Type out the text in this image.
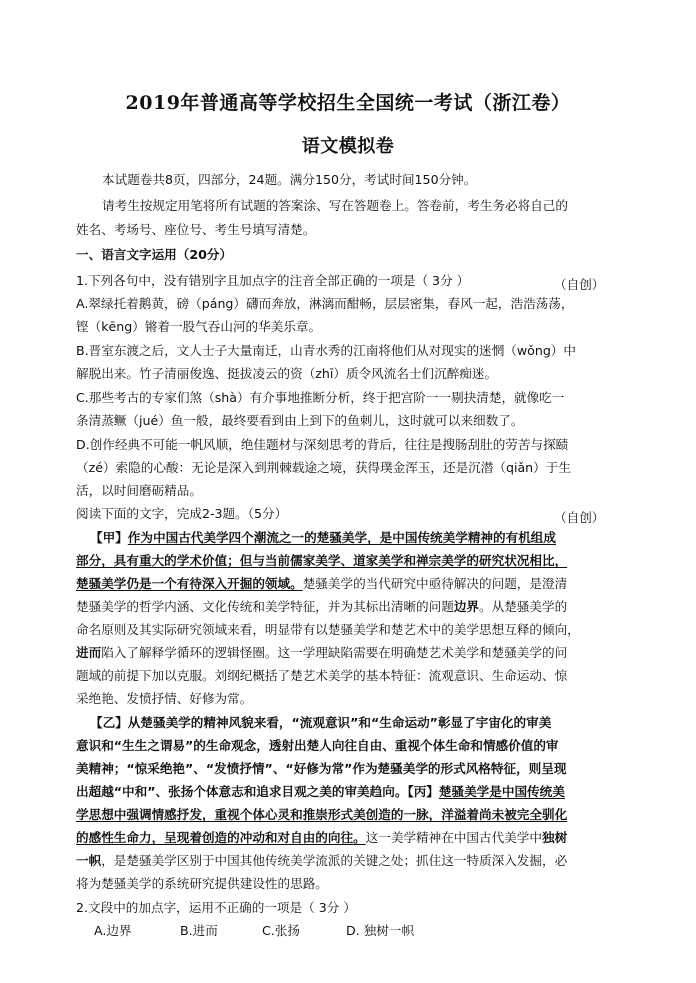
2019年普通高等学校招生全国统一考试（浙江卷）
语文模拟卷
本试题卷共8页，四部分，24题。满分150分，考试时间150分钟。
请考生按规定用笔将所有试题的答案涂、写在答题卷上。答卷前，考生务必将自己的
姓名、考场号、座位号、考生号填写清楚。
一、语言文字运用（20分）
1.下列各句中，没有错别字且加点字的注音全部正确的一项是（ 3分 ）	（自创）
A.翠绿托着鹅黄，磅（páng）礴而奔放，淋漓而酣畅，层层密集，春风一起，浩浩荡荡，
铿（kēng）锵着一股气吞山河的华美乐章。
B.晋室东渡之后，文人士子大量南迁，山青水秀的江南将他们从对现实的迷惘（wǒng）中
解脱出来。竹子清丽俊逸、挺拔凌云的资（zhī）质令风流名士们沉醉痴迷。
C.那些考古的专家们煞（shà）有介事地推断分析，终于把宫阶一一剔抉清楚，就像吃一
条清蒸鳜（jué）鱼一般，最终要看到由上到下的鱼刺儿，这时就可以来细数了。
D.创作经典不可能一帆风顺，绝佳题材与深刻思考的背后，往往是搜肠刮肚的劳苦与探赜
（zé）索隐的心酸：无论是深入到荆棘载途之境，获得璞金浑玉，还是沉潜（qiǎn）于生
活，以时间磨砺精品。
阅读下面的文字，完成2-3题。（5分）	（自创）
【甲】作为中国古代美学四个潮流之一的楚骚美学，是中国传统美学精神的有机组成
部分，具有重大的学术价值；但与当前儒家美学、道家美学和禅宗美学的研究状况相比，
楚骚美学仍是一个有待深入开掘的领域。楚骚美学的当代研究中亟待解决的问题，是澄清
楚骚美学的哲学内涵、文化传统和美学特征，并为其标出清晰的问题边界。从楚骚美学的
命名原则及其实际研究领域来看，明显带有以楚骚美学和楚艺术中的美学思想互释的倾向，
进而陷入了解释学循环的逻辑怪圈。这一学理缺陷需要在明确楚艺术美学和楚骚美学的问
题域的前提下加以克服。刘纲纪概括了楚艺术美学的基本特征：流观意识、生命运动、惊
采绝艳、发愤抒情、好修为常。
【乙】从楚骚美学的精神风貌来看，“流观意识”和“生命运动”彰显了宇宙化的审美
意识和“生生之谓易”的生命观念，透射出楚人向往自由、重视个体生命和情感价值的审
美精神；“惊采绝艳”、“发愤抒情”、“好修为常”作为楚骚美学的形式风格特征，则呈现
出超越“中和”、张扬个体意志和追求目观之美的审美趋向。【丙】楚骚美学是中国传统美
学思想中强调情感抒发，重视个体心灵和推崇形式美创造的一脉，洋溢着尚未被完全驯化
的感性生命力，呈现着创造的冲动和对自由的向往。这一美学精神在中国古代美学中独树
一帜，是楚骚美学区别于中国其他传统美学流派的关键之处；抓住这一特质深入发掘，必
将为楚骚美学的系统研究提供建设性的思路。
2.文段中的加点字，运用不正确的一项是（ 3分 ）
A.边界	B.进而	C.张扬	D. 独树一帜
